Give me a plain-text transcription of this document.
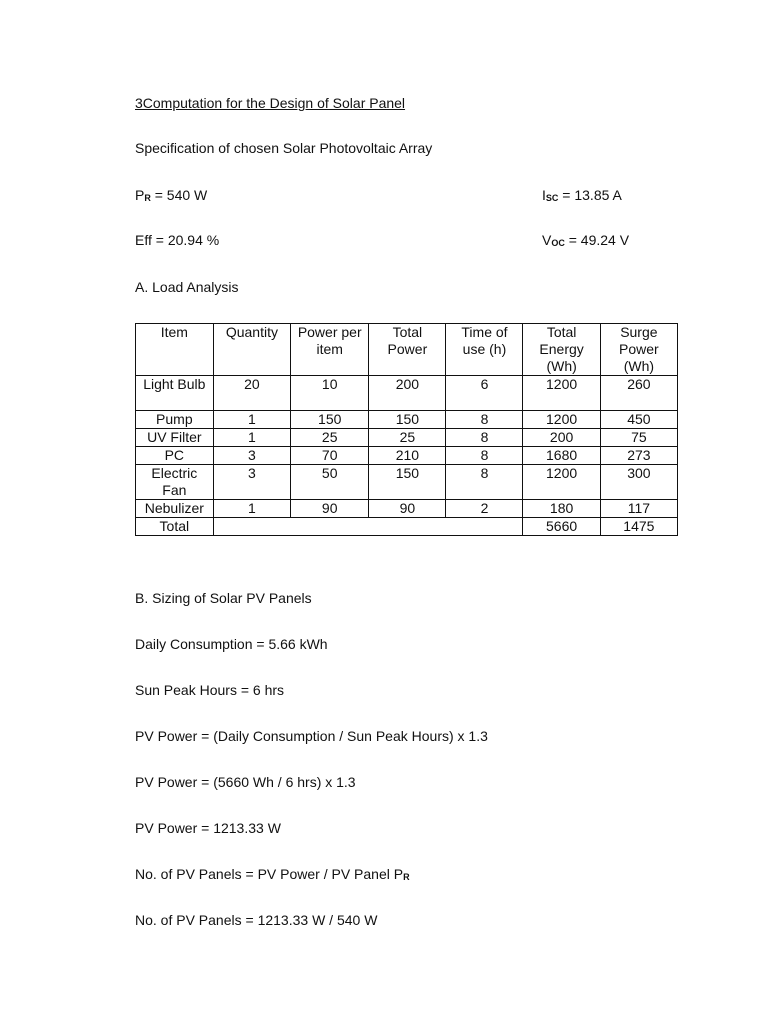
3Computation for the Design of Solar Panel
Specification of chosen Solar Photovoltaic Array
PR = 540 W	ISC = 13.85 A
Eff = 20.94 %	VOC = 49.24 V
A. Load Analysis
Item	Quantity	Power per item	Total Power	Time of use (h)	Total Energy (Wh)	Surge Power (Wh)
Light Bulb	20	10	200	6	1200	260
Pump	1	150	150	8	1200	450
UV Filter	1	25	25	8	200	75
PC	3	70	210	8	1680	273
Electric Fan	3	50	150	8	1200	300
Nebulizer	1	90	90	2	180	117
Total					5660	1475
B. Sizing of Solar PV Panels
Daily Consumption = 5.66 kWh
Sun Peak Hours = 6 hrs
PV Power = (Daily Consumption / Sun Peak Hours) x 1.3
PV Power = (5660 Wh / 6 hrs) x 1.3
PV Power = 1213.33 W
No. of PV Panels = PV Power / PV Panel PR
No. of PV Panels = 1213.33 W / 540 W
